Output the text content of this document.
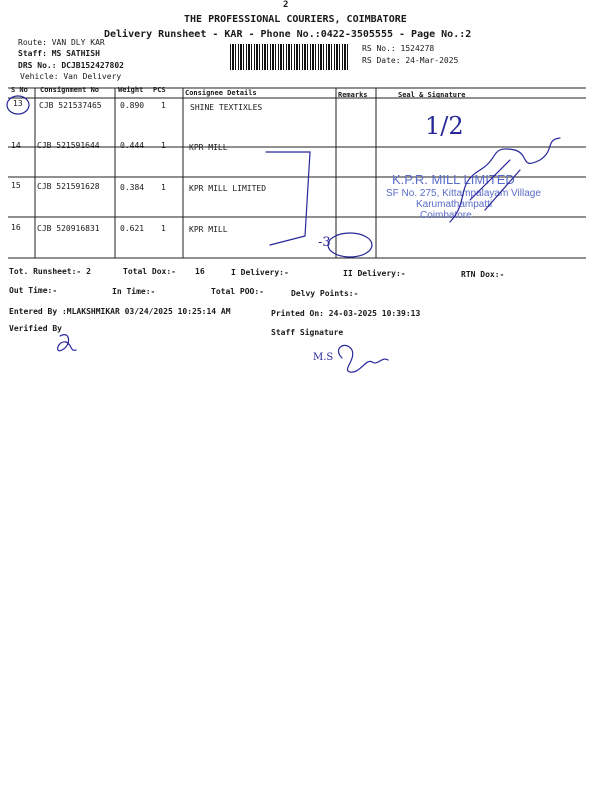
2
THE PROFESSIONAL COURIERS, COIMBATORE
Delivery Runsheet - KAR - Phone No.:0422-3505555 - Page No.:2
Route: VAN DLY KAR
Staff: MS SATHISH
DRS No.: DCJB152427802
Vehicle: Van Delivery
RS No.: 1524278
RS Date: 24-Mar-2025
S No Consignment No	Weight PCS	Consignee Details	Remarks	Seal & Signature
13 CJB 521537465 0.890 1	SHINE TEXTIXLES
14 CJB 521591644	0.444 1	KPR MILL
15 CJB 521591628	0.384 1	KPR MILL LIMITED
16 CJB 520916831	0.621 1	KPR MILL
K.P.R. MILL LIMITED
SF No. 275, Kittampalayam Village
Karumathampatti
Coimbatore
-3
1/2
M.S
Tot. Runsheet:- 2	Total Dox:- 16	I Delivery:-	II Delivery:-	RTN Dox:-
Out Time:-	In Time:-	Total POO:-	Delvy Points:-
Entered By :MLAKSHMIKAR 03/24/2025 10:25:14 AM	Printed On: 24-03-2025 10:39:13
Verified By	Staff Signature
